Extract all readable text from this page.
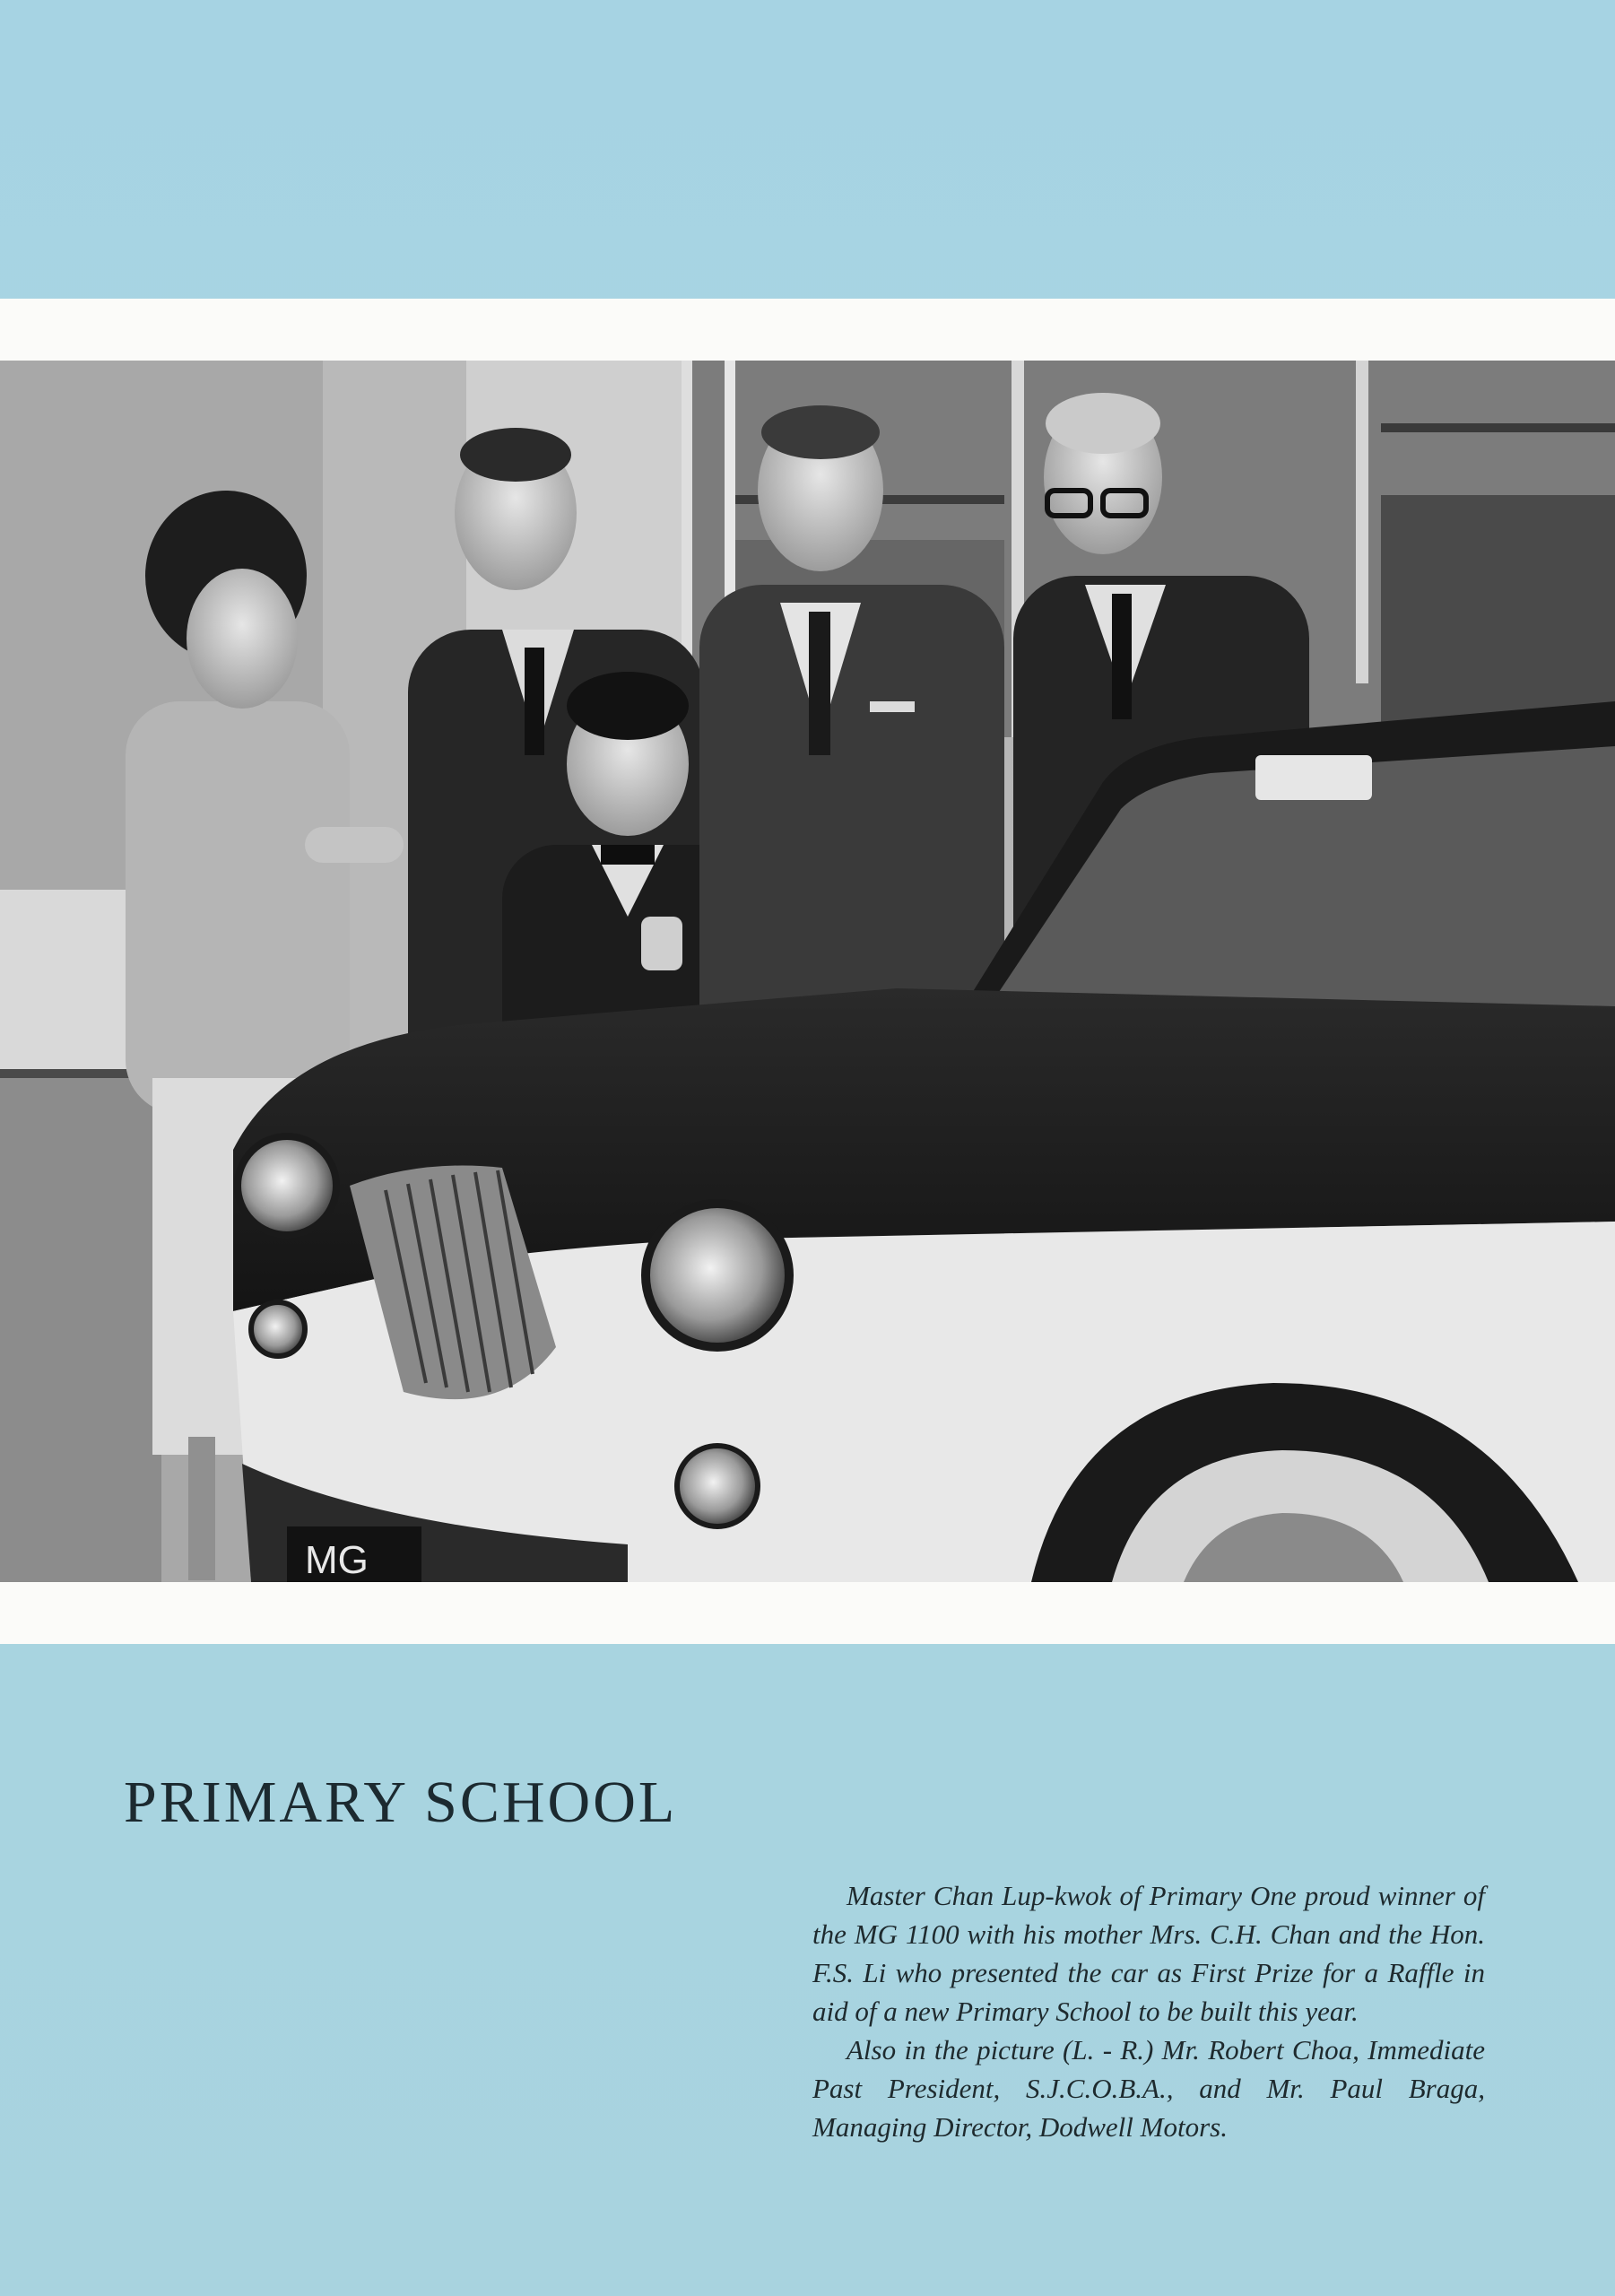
MG
PRIMARY SCHOOL

Master Chan Lup-kwok of Primary One proud winner of the MG 1100 with his mother Mrs. C.H. Chan and the Hon. F.S. Li who presented the car as First Prize for a Raffle in aid of a new Primary School to be built this year.

Also in the picture (L. - R.) Mr. Robert Choa, Immediate Past President, S.J.C.O.B.A., and Mr. Paul Braga, Managing Director, Dodwell Motors.
